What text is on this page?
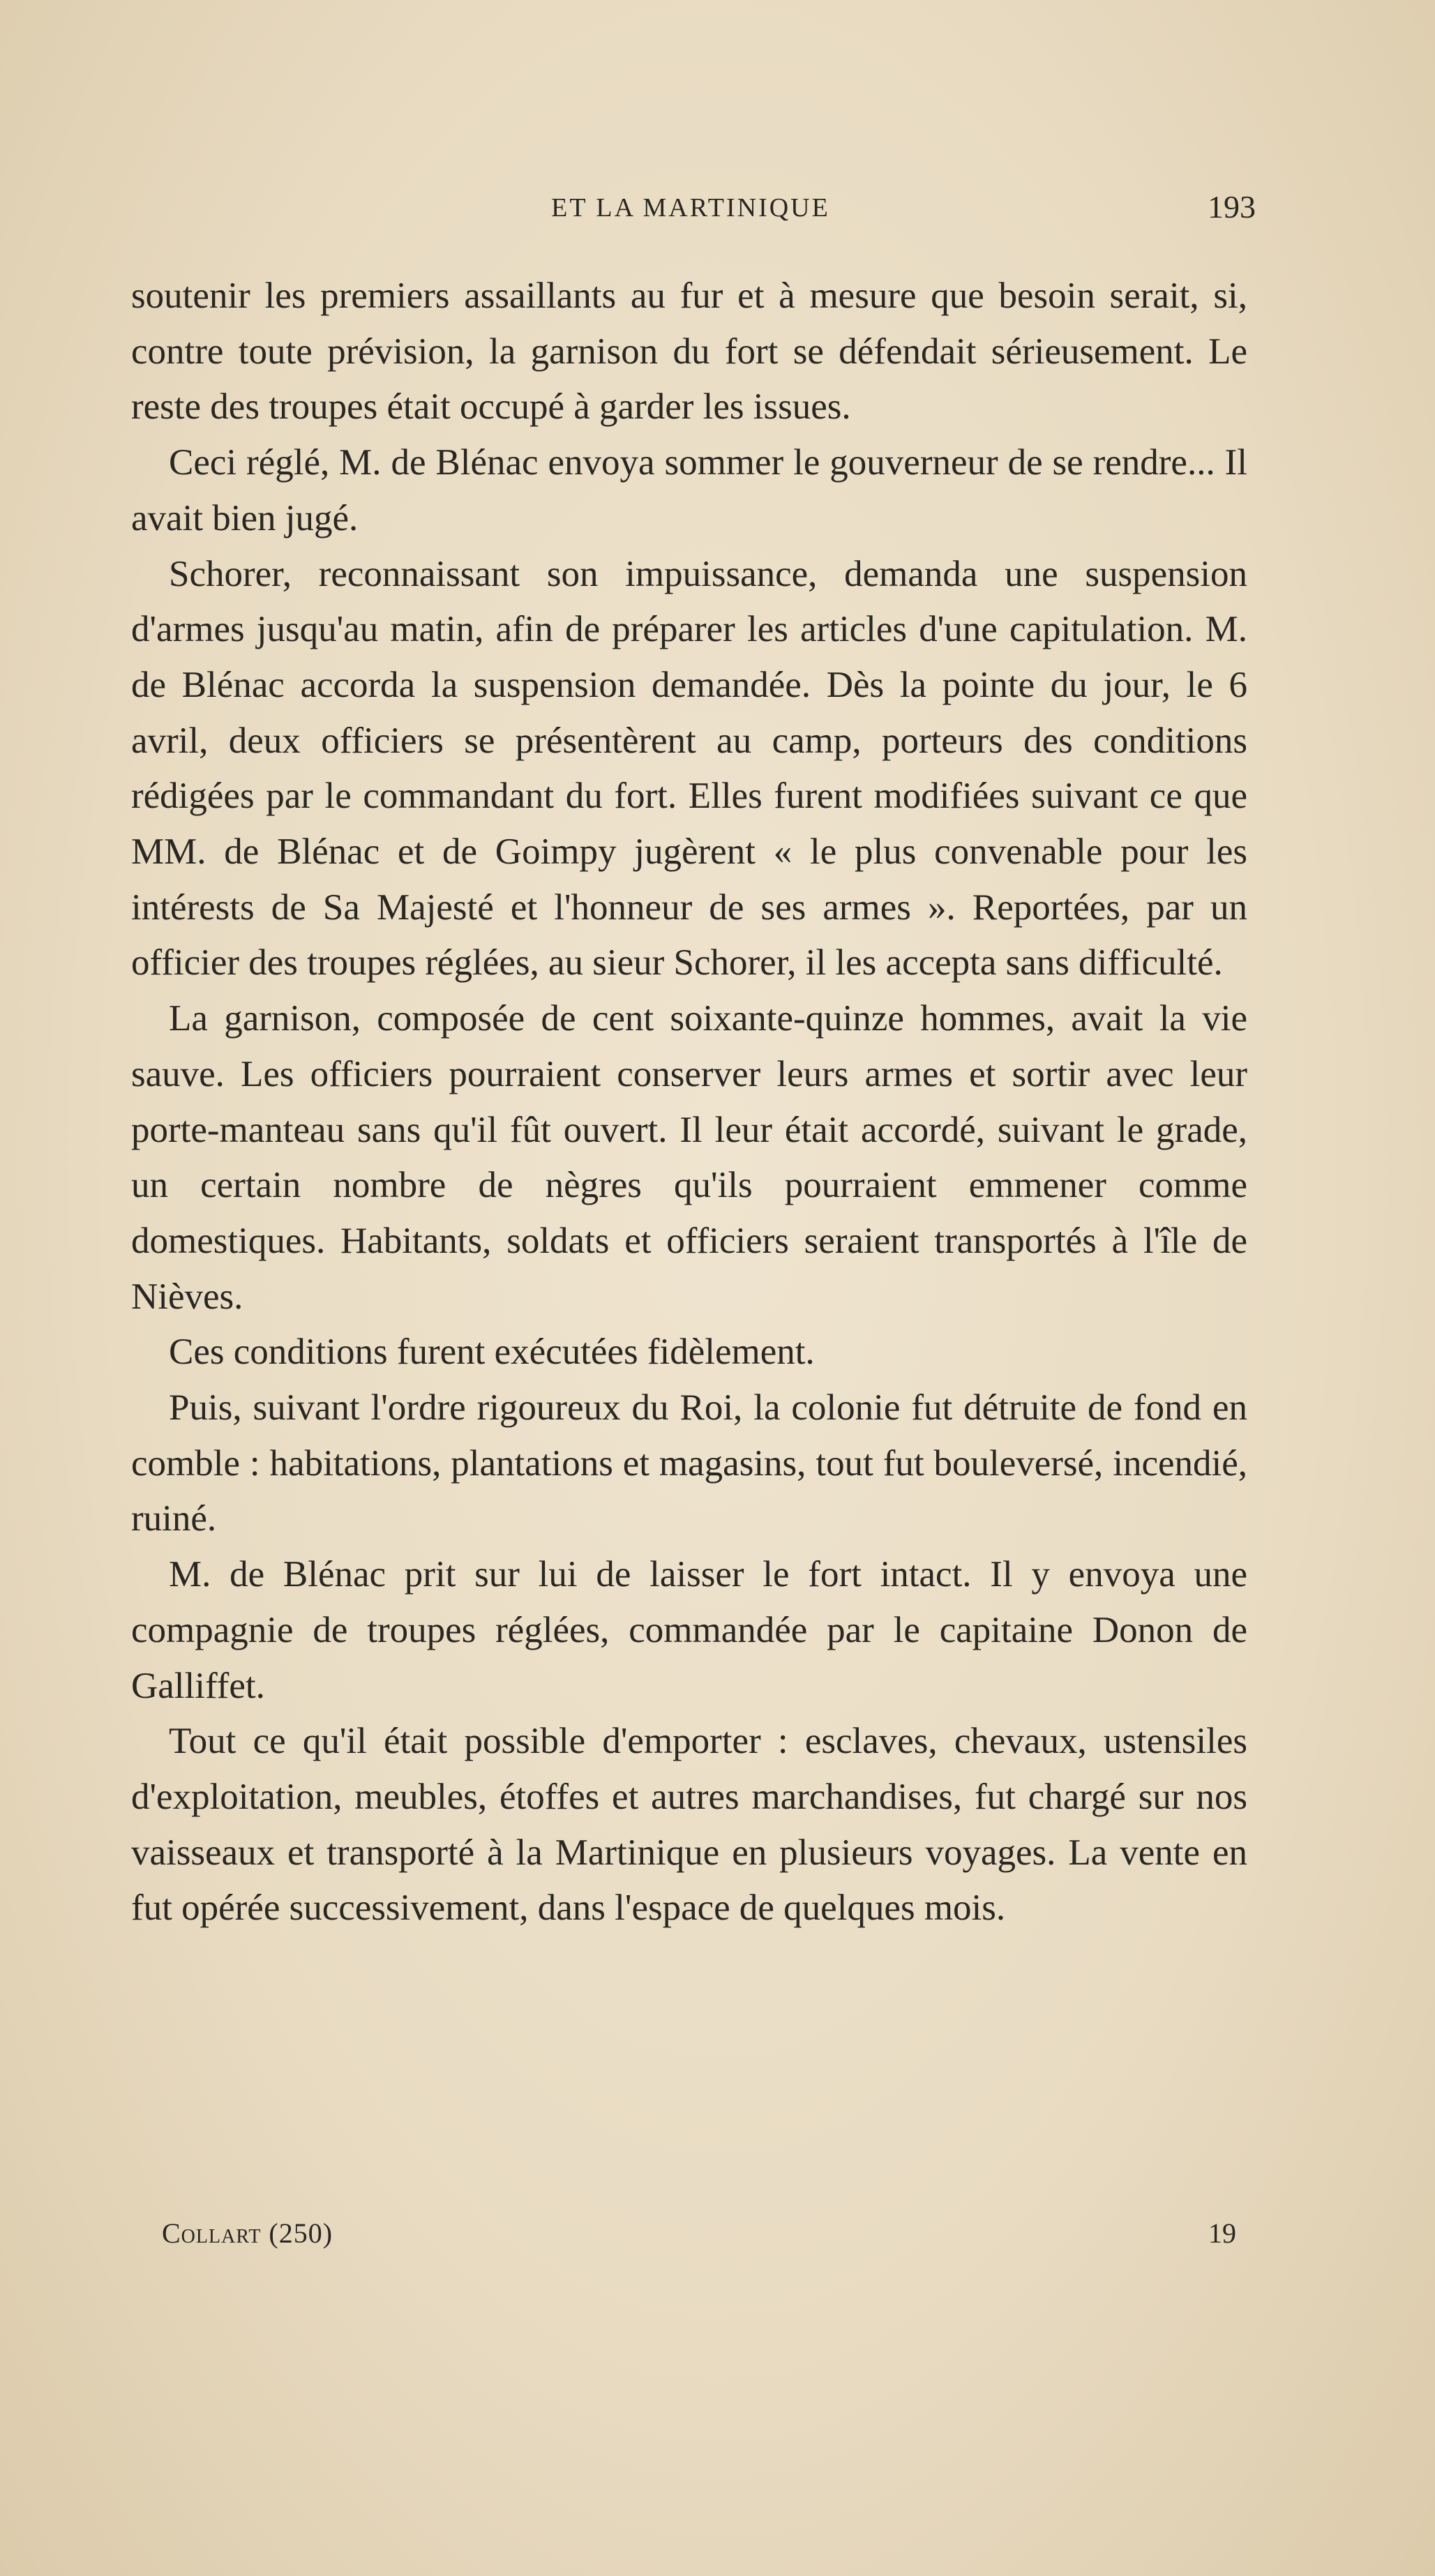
ET LA MARTINIQUE	193

soutenir les premiers assaillants au fur et à mesure que besoin serait, si, contre toute prévision, la garnison du fort se défendait sérieusement. Le reste des troupes était occupé à garder les issues.

Ceci réglé, M. de Blénac envoya sommer le gouverneur de se rendre... Il avait bien jugé.

Schorer, reconnaissant son impuissance, demanda une suspension d'armes jusqu'au matin, afin de préparer les articles d'une capitulation. M. de Blénac accorda la suspension demandée. Dès la pointe du jour, le 6 avril, deux officiers se présentèrent au camp, porteurs des conditions rédigées par le commandant du fort. Elles furent modifiées suivant ce que MM. de Blénac et de Goimpy jugèrent « le plus convenable pour les intérests de Sa Majesté et l'honneur de ses armes ». Reportées, par un officier des troupes réglées, au sieur Schorer, il les accepta sans difficulté.

La garnison, composée de cent soixante-quinze hommes, avait la vie sauve. Les officiers pourraient conserver leurs armes et sortir avec leur porte-manteau sans qu'il fût ouvert. Il leur était accordé, suivant le grade, un certain nombre de nègres qu'ils pourraient emmener comme domestiques. Habitants, soldats et officiers seraient transportés à l'île de Nièves.

Ces conditions furent exécutées fidèlement.

Puis, suivant l'ordre rigoureux du Roi, la colonie fut détruite de fond en comble : habitations, plantations et magasins, tout fut bouleversé, incendié, ruiné.

M. de Blénac prit sur lui de laisser le fort intact. Il y envoya une compagnie de troupes réglées, commandée par le capitaine Donon de Galliffet.

Tout ce qu'il était possible d'emporter : esclaves, chevaux, ustensiles d'exploitation, meubles, étoffes et autres marchandises, fut chargé sur nos vaisseaux et transporté à la Martinique en plusieurs voyages. La vente en fut opérée successivement, dans l'espace de quelques mois.

Collart (250)	19
